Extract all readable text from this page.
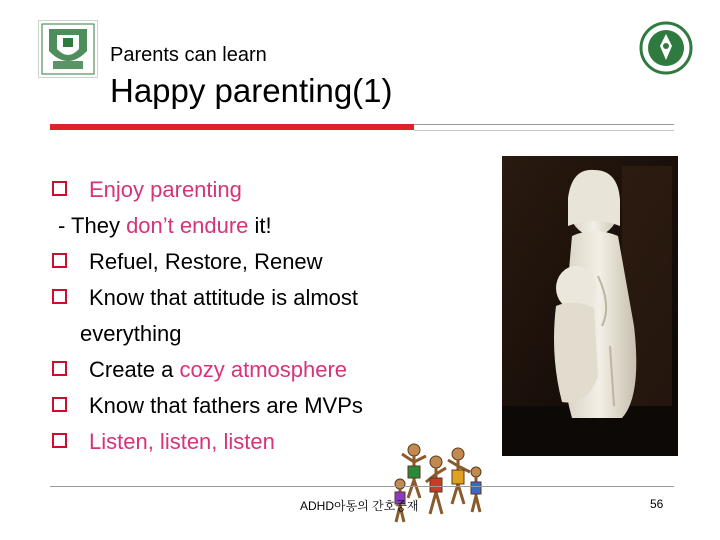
Parents can learn
Happy parenting(1)
Enjoy parenting
- They don’t endure it!
Refuel, Restore, Renew
Know that attitude is almost
everything
Create a cozy atmosphere
Know that fathers are MVPs
Listen, listen, listen
ADHD아동의 간호중재	56
